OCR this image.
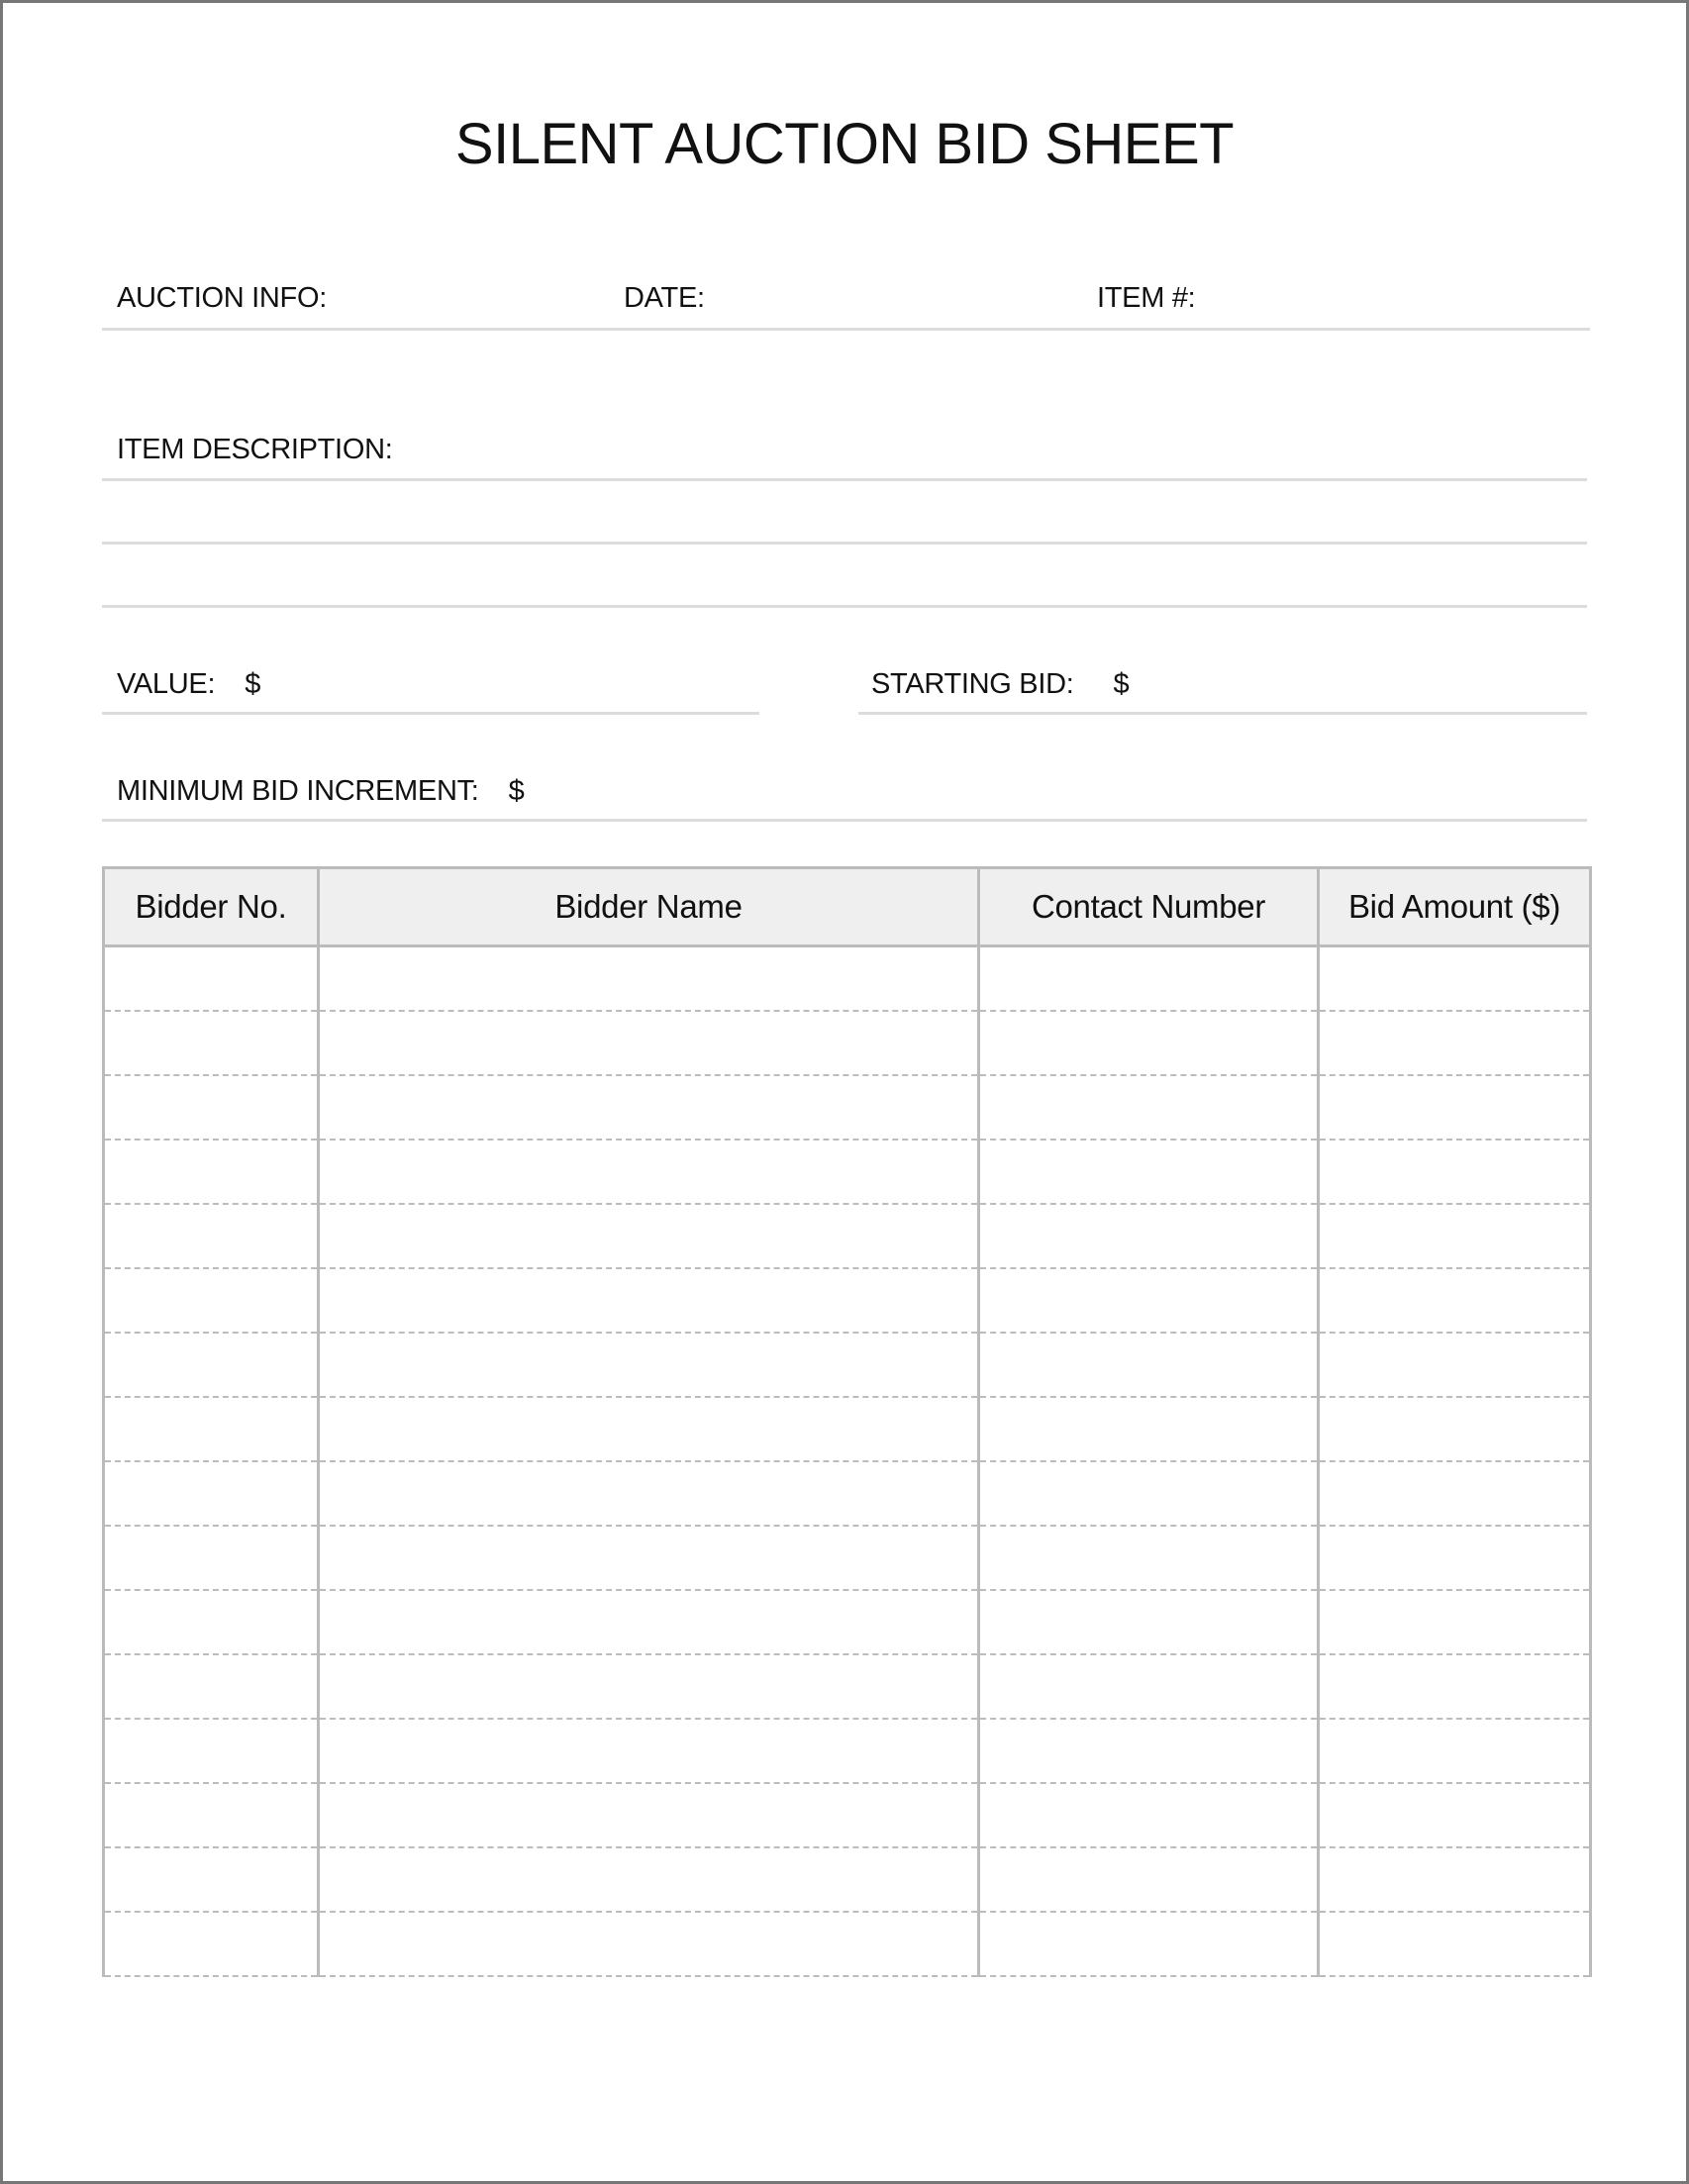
SILENT AUCTION BID SHEET
AUCTION INFO:	DATE:	ITEM #:
ITEM DESCRIPTION:
VALUE: $	STARTING BID: $
MINIMUM BID INCREMENT: $
Bidder No.	Bidder Name	Contact Number	Bid Amount ($)
